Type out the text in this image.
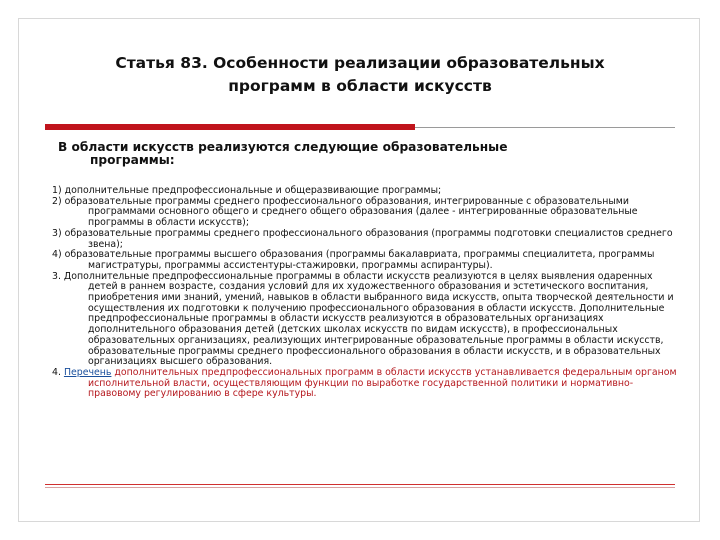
Статья 83. Особенности реализации образовательных
программ в области искусств
В области искусств реализуются следующие образовательные
программы:

1) дополнительные предпрофессиональные и общеразвивающие программы;

2) образовательные программы среднего профессионального образования, интегрированные с образовательными программами основного общего и среднего общего образования (далее - интегрированные образовательные программы в области искусств);

3) образовательные программы среднего профессионального образования (программы подготовки специалистов среднего звена);

4) образовательные программы высшего образования (программы бакалавриата, программы специалитета, программы магистратуры, программы ассистентуры-стажировки, программы аспирантуры).

3. Дополнительные предпрофессиональные программы в области искусств реализуются в целях выявления одаренных детей в раннем возрасте, создания условий для их художественного образования и эстетического воспитания, приобретения ими знаний, умений, навыков в области выбранного вида искусств, опыта творческой деятельности и осуществления их подготовки к получению профессионального образования в области искусств. Дополнительные предпрофессиональные программы в области искусств реализуются в образовательных организациях дополнительного образования детей (детских школах искусств по видам искусств), в профессиональных образовательных организациях, реализующих интегрированные образовательные программы в области искусств, образовательные программы среднего профессионального образования в области искусств, и в образовательных организациях высшего образования.

4. Перечень дополнительных предпрофессиональных программ в области искусств устанавливается федеральным органом исполнительной власти, осуществляющим функции по выработке государственной политики и нормативно-правовому регулированию в сфере культуры.
